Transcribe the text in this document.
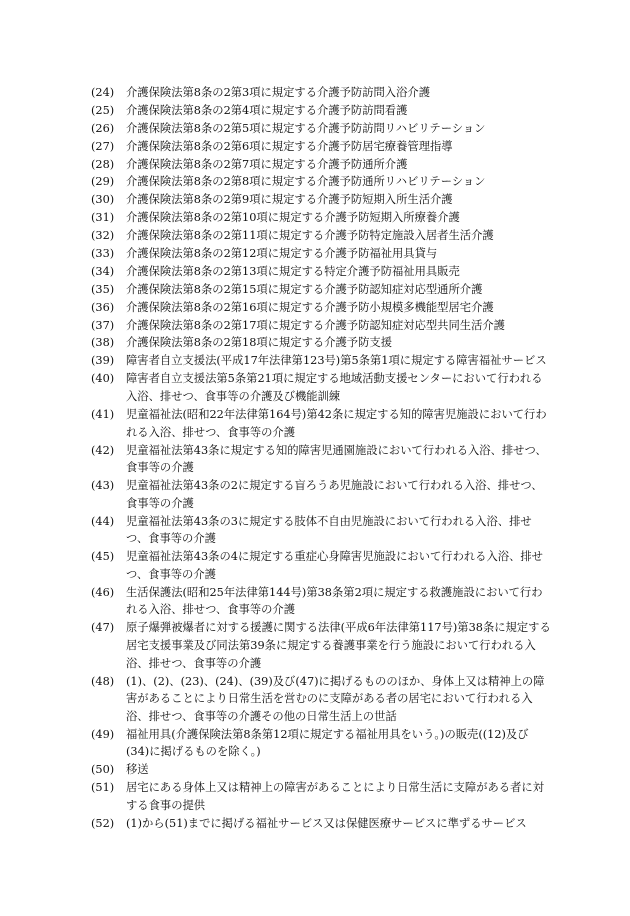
(24) 介護保険法第8条の2第3項に規定する介護予防訪問入浴介護
(25) 介護保険法第8条の2第4項に規定する介護予防訪問看護
(26) 介護保険法第8条の2第5項に規定する介護予防訪問リハビリテーション
(27) 介護保険法第8条の2第6項に規定する介護予防居宅療養管理指導
(28) 介護保険法第8条の2第7項に規定する介護予防通所介護
(29) 介護保険法第8条の2第8項に規定する介護予防通所リハビリテーション
(30) 介護保険法第8条の2第9項に規定する介護予防短期入所生活介護
(31) 介護保険法第8条の2第10項に規定する介護予防短期入所療養介護
(32) 介護保険法第8条の2第11項に規定する介護予防特定施設入居者生活介護
(33) 介護保険法第8条の2第12項に規定する介護予防福祉用具貸与
(34) 介護保険法第8条の2第13項に規定する特定介護予防福祉用具販売
(35) 介護保険法第8条の2第15項に規定する介護予防認知症対応型通所介護
(36) 介護保険法第8条の2第16項に規定する介護予防小規模多機能型居宅介護
(37) 介護保険法第8条の2第17項に規定する介護予防認知症対応型共同生活介護
(38) 介護保険法第8条の2第18項に規定する介護予防支援
(39) 障害者自立支援法(平成17年法律第123号)第5条第1項に規定する障害福祉サービス
(40) 障害者自立支援法第5条第21項に規定する地域活動支援センターにおいて行われる入浴、排せつ、食事等の介護及び機能訓練
(41) 児童福祉法(昭和22年法律第164号)第42条に規定する知的障害児施設において行われる入浴、排せつ、食事等の介護
(42) 児童福祉法第43条に規定する知的障害児通園施設において行われる入浴、排せつ、食事等の介護
(43) 児童福祉法第43条の2に規定する盲ろうあ児施設において行われる入浴、排せつ、食事等の介護
(44) 児童福祉法第43条の3に規定する肢体不自由児施設において行われる入浴、排せつ、食事等の介護
(45) 児童福祉法第43条の4に規定する重症心身障害児施設において行われる入浴、排せつ、食事等の介護
(46) 生活保護法(昭和25年法律第144号)第38条第2項に規定する救護施設において行われる入浴、排せつ、食事等の介護
(47) 原子爆弾被爆者に対する援護に関する法律(平成6年法律第117号)第38条に規定する居宅支援事業及び同法第39条に規定する養護事業を行う施設において行われる入浴、排せつ、食事等の介護
(48) (1)、(2)、(23)、(24)、(39)及び(47)に掲げるもののほか、身体上又は精神上の障害があることにより日常生活を営むのに支障がある者の居宅において行われる入浴、排せつ、食事等の介護その他の日常生活上の世話
(49) 福祉用具(介護保険法第8条第12項に規定する福祉用具をいう。)の販売((12)及び(34)に掲げるものを除く。)
(50) 移送
(51) 居宅にある身体上又は精神上の障害があることにより日常生活に支障がある者に対する食事の提供
(52) (1)から(51)までに掲げる福祉サービス又は保健医療サービスに準ずるサービス
